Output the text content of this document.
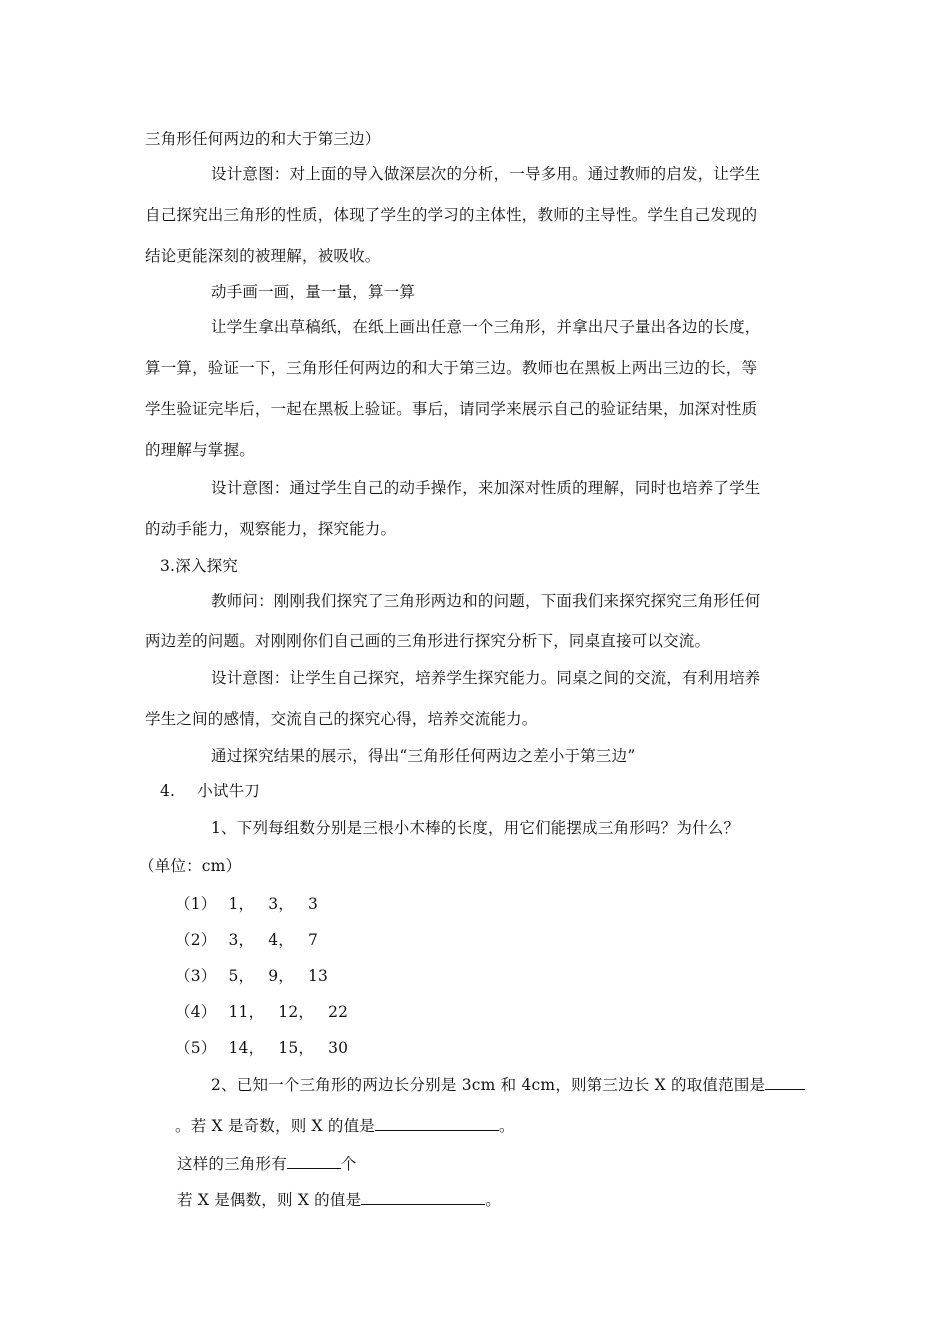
三角形任何两边的和大于第三边）
设计意图：对上面的导入做深层次的分析，一导多用。通过教师的启发，让学生
自己探究出三角形的性质，体现了学生的学习的主体性，教师的主导性。学生自己发现的
结论更能深刻的被理解，被吸收。
动手画一画，量一量，算一算
让学生拿出草稿纸，在纸上画出任意一个三角形，并拿出尺子量出各边的长度，
算一算，验证一下，三角形任何两边的和大于第三边。教师也在黑板上两出三边的长，等
学生验证完毕后，一起在黑板上验证。事后，请同学来展示自己的验证结果，加深对性质
的理解与掌握。
设计意图：通过学生自己的动手操作，来加深对性质的理解，同时也培养了学生
的动手能力，观察能力，探究能力。
3.深入探究
教师问：刚刚我们探究了三角形两边和的问题，下面我们来探究探究三角形任何
两边差的问题。对刚刚你们自己画的三角形进行探究分析下，同桌直接可以交流。
设计意图：让学生自己探究，培养学生探究能力。同桌之间的交流，有利用培养
学生之间的感情，交流自己的探究心得，培养交流能力。
通过探究结果的展示，得出“三角形任何两边之差小于第三边”
4. 小试牛刀
1、下列每组数分别是三根小木棒的长度，用它们能摆成三角形吗？为什么？
（单位：cm）
（1） 1， 3， 3
（2） 3， 4， 7
（3） 5， 9， 13
（4） 11， 12， 22
（5） 14， 15， 30
2、已知一个三角形的两边长分别是 3cm 和 4cm，则第三边长 X 的取值范围是
。若 X 是奇数，则 X 的值是	。
这样的三角形有	个
若 X 是偶数，则 X 的值是	。
